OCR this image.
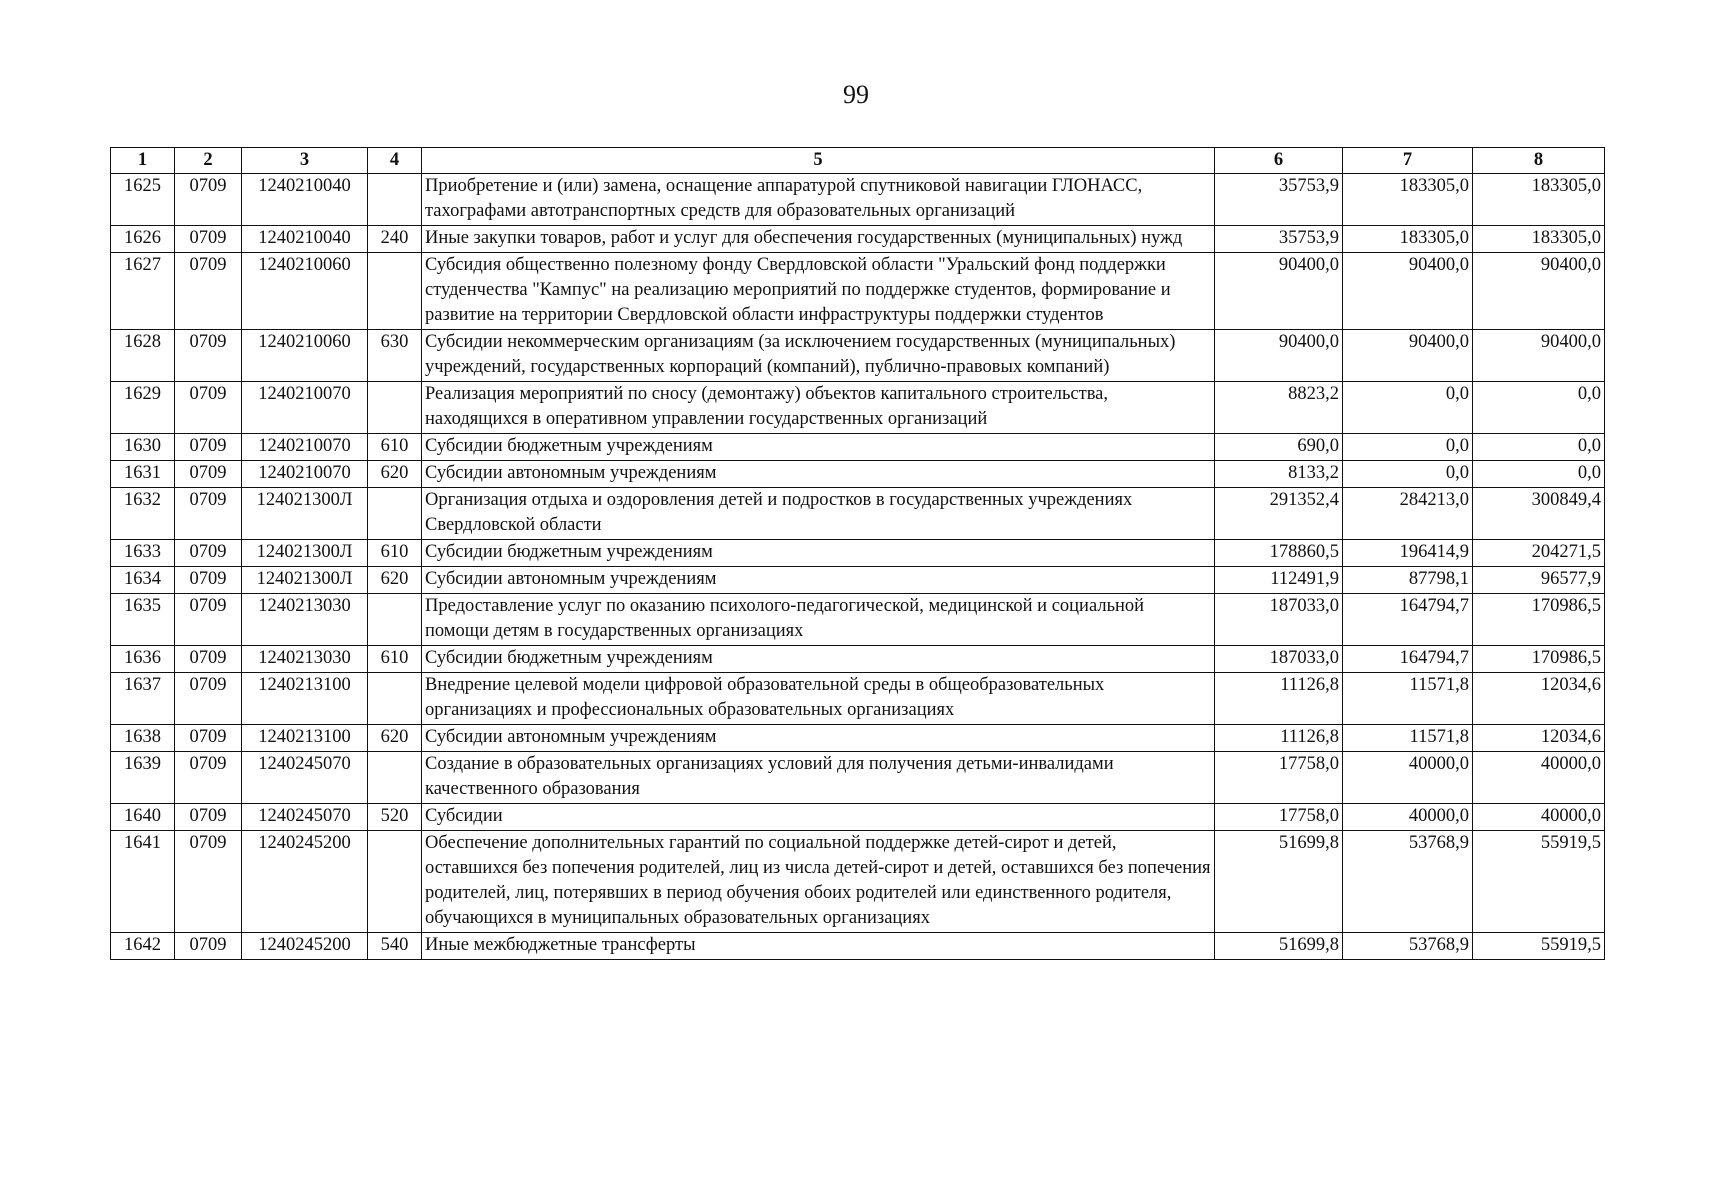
99
1	2	3	4	5	6	7	8
1625	0709	1240210040		Приобретение и (или) замена, оснащение аппаратурой спутниковой навигации ГЛОНАСС, тахографами автотранспортных средств для образовательных организаций	35753,9	183305,0	183305,0
1626	0709	1240210040	240	Иные закупки товаров, работ и услуг для обеспечения государственных (муниципальных) нужд	35753,9	183305,0	183305,0
1627	0709	1240210060		Субсидия общественно полезному фонду Свердловской области "Уральский фонд поддержки студенчества "Кампус" на реализацию мероприятий по поддержке студентов, формирование и развитие на территории Свердловской области инфраструктуры поддержки студентов	90400,0	90400,0	90400,0
1628	0709	1240210060	630	Субсидии некоммерческим организациям (за исключением государственных (муниципальных) учреждений, государственных корпораций (компаний), публично-правовых компаний)	90400,0	90400,0	90400,0
1629	0709	1240210070		Реализация мероприятий по сносу (демонтажу) объектов капитального строительства, находящихся в оперативном управлении государственных организаций	8823,2	0,0	0,0
1630	0709	1240210070	610	Субсидии бюджетным учреждениям	690,0	0,0	0,0
1631	0709	1240210070	620	Субсидии автономным учреждениям	8133,2	0,0	0,0
1632	0709	124021300Л		Организация отдыха и оздоровления детей и подростков в государственных учреждениях Свердловской области	291352,4	284213,0	300849,4
1633	0709	124021300Л	610	Субсидии бюджетным учреждениям	178860,5	196414,9	204271,5
1634	0709	124021300Л	620	Субсидии автономным учреждениям	112491,9	87798,1	96577,9
1635	0709	1240213030		Предоставление услуг по оказанию психолого-педагогической, медицинской и социальной помощи детям в государственных организациях	187033,0	164794,7	170986,5
1636	0709	1240213030	610	Субсидии бюджетным учреждениям	187033,0	164794,7	170986,5
1637	0709	1240213100		Внедрение целевой модели цифровой образовательной среды в общеобразовательных организациях и профессиональных образовательных организациях	11126,8	11571,8	12034,6
1638	0709	1240213100	620	Субсидии автономным учреждениям	11126,8	11571,8	12034,6
1639	0709	1240245070		Создание в образовательных организациях условий для получения детьми-инвалидами качественного образования	17758,0	40000,0	40000,0
1640	0709	1240245070	520	Субсидии	17758,0	40000,0	40000,0
1641	0709	1240245200		Обеспечение дополнительных гарантий по социальной поддержке детей-сирот и детей, оставшихся без попечения родителей, лиц из числа детей-сирот и детей, оставшихся без попечения родителей, лиц, потерявших в период обучения обоих родителей или единственного родителя, обучающихся в муниципальных образовательных организациях	51699,8	53768,9	55919,5
1642	0709	1240245200	540	Иные межбюджетные трансферты	51699,8	53768,9	55919,5
